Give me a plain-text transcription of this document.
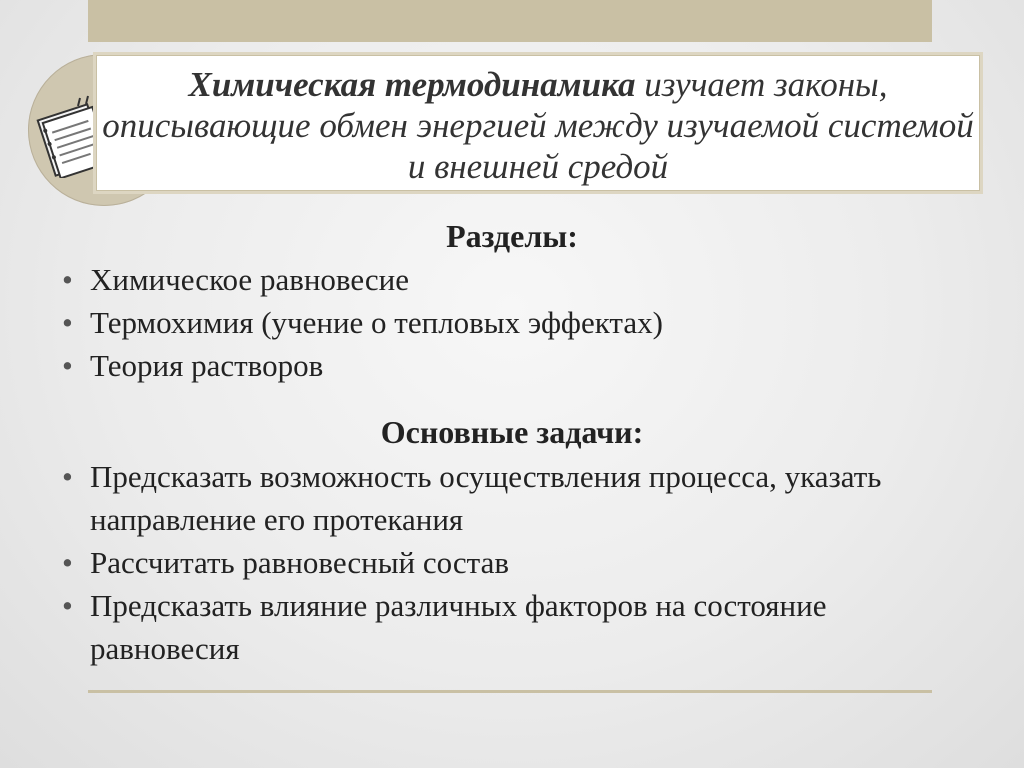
Химическая термодинамика изучает законы, описывающие обмен энергией между изучаемой системой и внешней средой
Разделы:
• Химическое равновесие
• Термохимия (учение о тепловых эффектах)
• Теория растворов
Основные задачи:
• Предсказать возможность осуществления процесса, указать направление его протекания
• Рассчитать равновесный состав
• Предсказать влияние различных факторов на состояние равновесия
